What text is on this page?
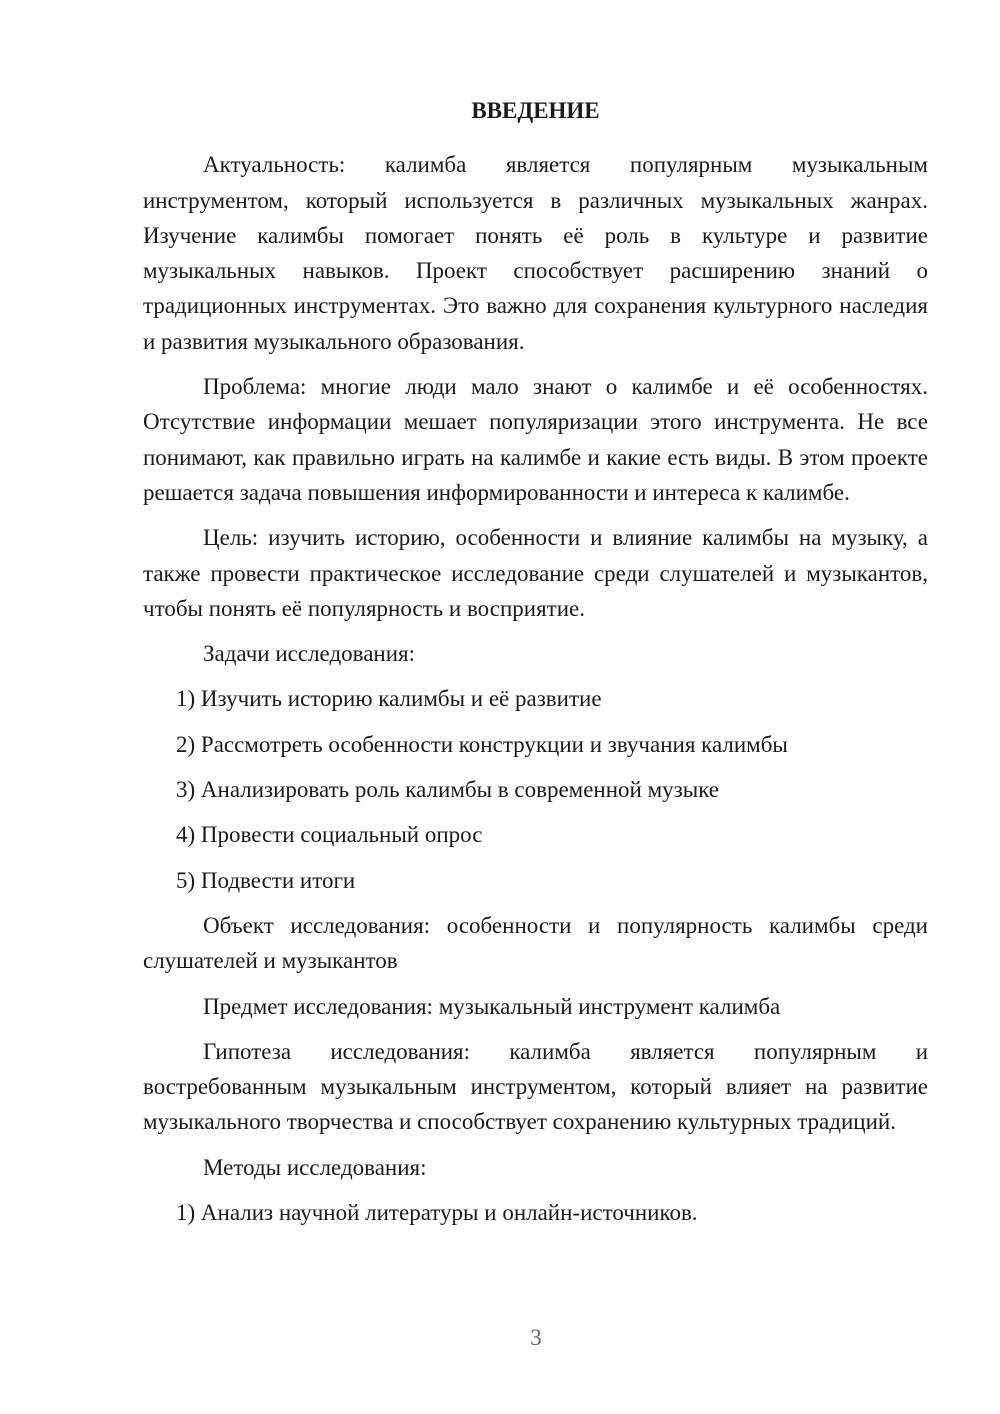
ВВЕДЕНИЕ

Актуальность: калимба является популярным музыкальным инструментом, который используется в различных музыкальных жанрах. Изучение калимбы помогает понять её роль в культуре и развитие музыкальных навыков. Проект способствует расширению знаний о традиционных инструментах. Это важно для сохранения культурного наследия и развития музыкального образования.

Проблема: многие люди мало знают о калимбе и её особенностях. Отсутствие информации мешает популяризации этого инструмента. Не все понимают, как правильно играть на калимбе и какие есть виды. В этом проекте решается задача повышения информированности и интереса к калимбе.

Цель: изучить историю, особенности и влияние калимбы на музыку, а также провести практическое исследование среди слушателей и музыкантов, чтобы понять её популярность и восприятие.

Задачи исследования:

1) Изучить историю калимбы и её развитие

2) Рассмотреть особенности конструкции и звучания калимбы

3) Анализировать роль калимбы в современной музыке

4) Провести социальный опрос

5) Подвести итоги

Объект исследования: особенности и популярность калимбы среди слушателей и музыкантов

Предмет исследования: музыкальный инструмент калимба

Гипотеза исследования: калимба является популярным и востребованным музыкальным инструментом, который влияет на развитие музыкального творчества и способствует сохранению культурных традиций.

Методы исследования:

1) Анализ научной литературы и онлайн-источников.

3
